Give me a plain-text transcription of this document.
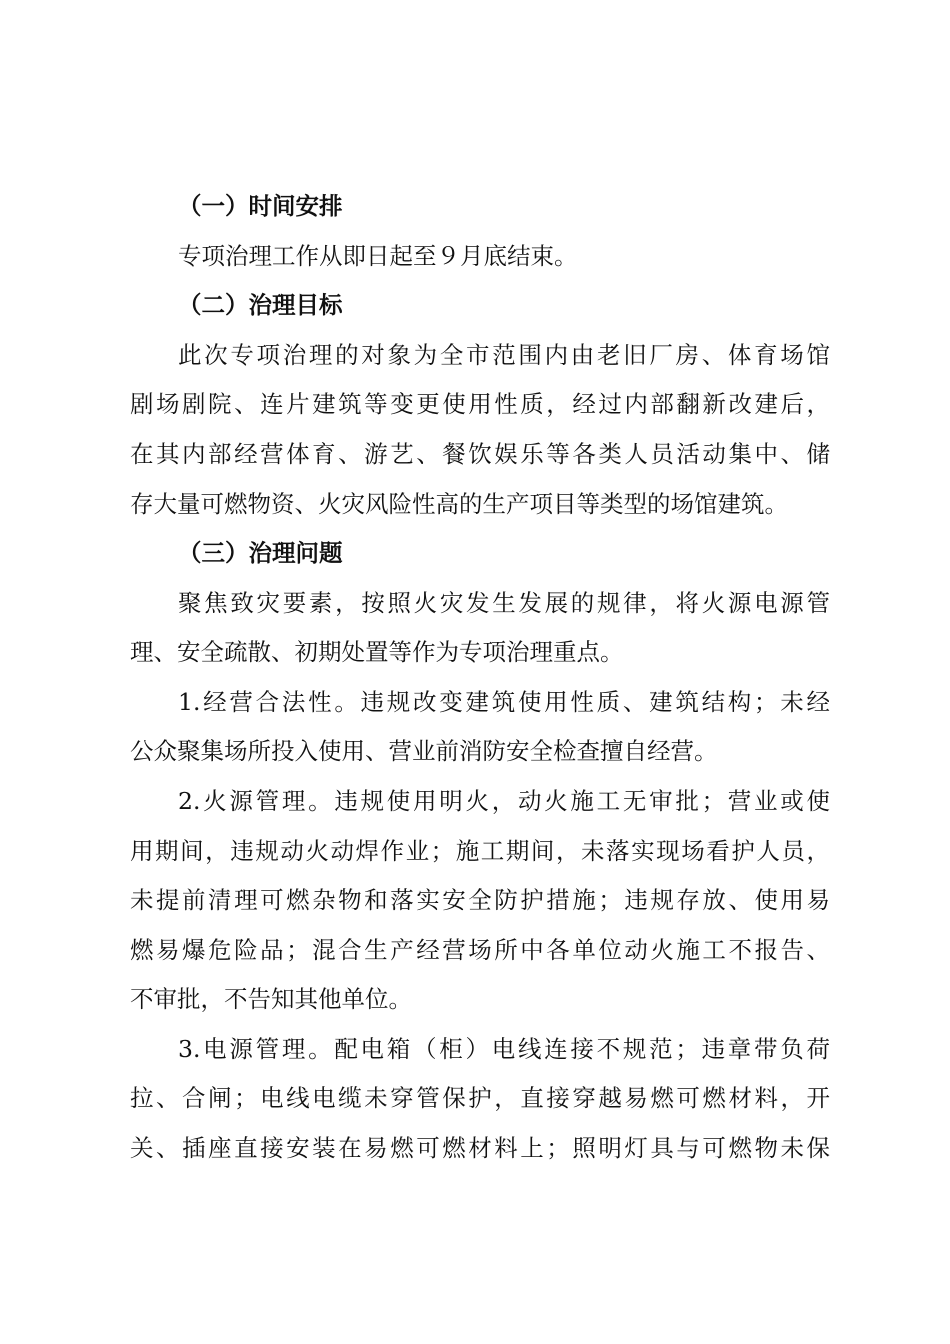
（一）时间安排
专项治理工作从即日起至９月底结束。
（二）治理目标
此次专项治理的对象为全市范围内由老旧厂房、体育场馆
剧场剧院、连片建筑等变更使用性质，经过内部翻新改建后，
在其内部经营体育、游艺、餐饮娱乐等各类人员活动集中、储
存大量可燃物资、火灾风险性高的生产项目等类型的场馆建筑。
（三）治理问题
聚焦致灾要素，按照火灾发生发展的规律，将火源电源管
理、安全疏散、初期处置等作为专项治理重点。
1.经营合法性。违规改变建筑使用性质、建筑结构；未经
公众聚集场所投入使用、营业前消防安全检查擅自经营。
2.火源管理。违规使用明火，动火施工无审批；营业或使
用期间，违规动火动焊作业；施工期间，未落实现场看护人员，
未提前清理可燃杂物和落实安全防护措施；违规存放、使用易
燃易爆危险品；混合生产经营场所中各单位动火施工不报告、
不审批，不告知其他单位。
3.电源管理。配电箱（柜）电线连接不规范；违章带负荷
拉、合闸；电线电缆未穿管保护，直接穿越易燃可燃材料，开
关、插座直接安装在易燃可燃材料上；照明灯具与可燃物未保
